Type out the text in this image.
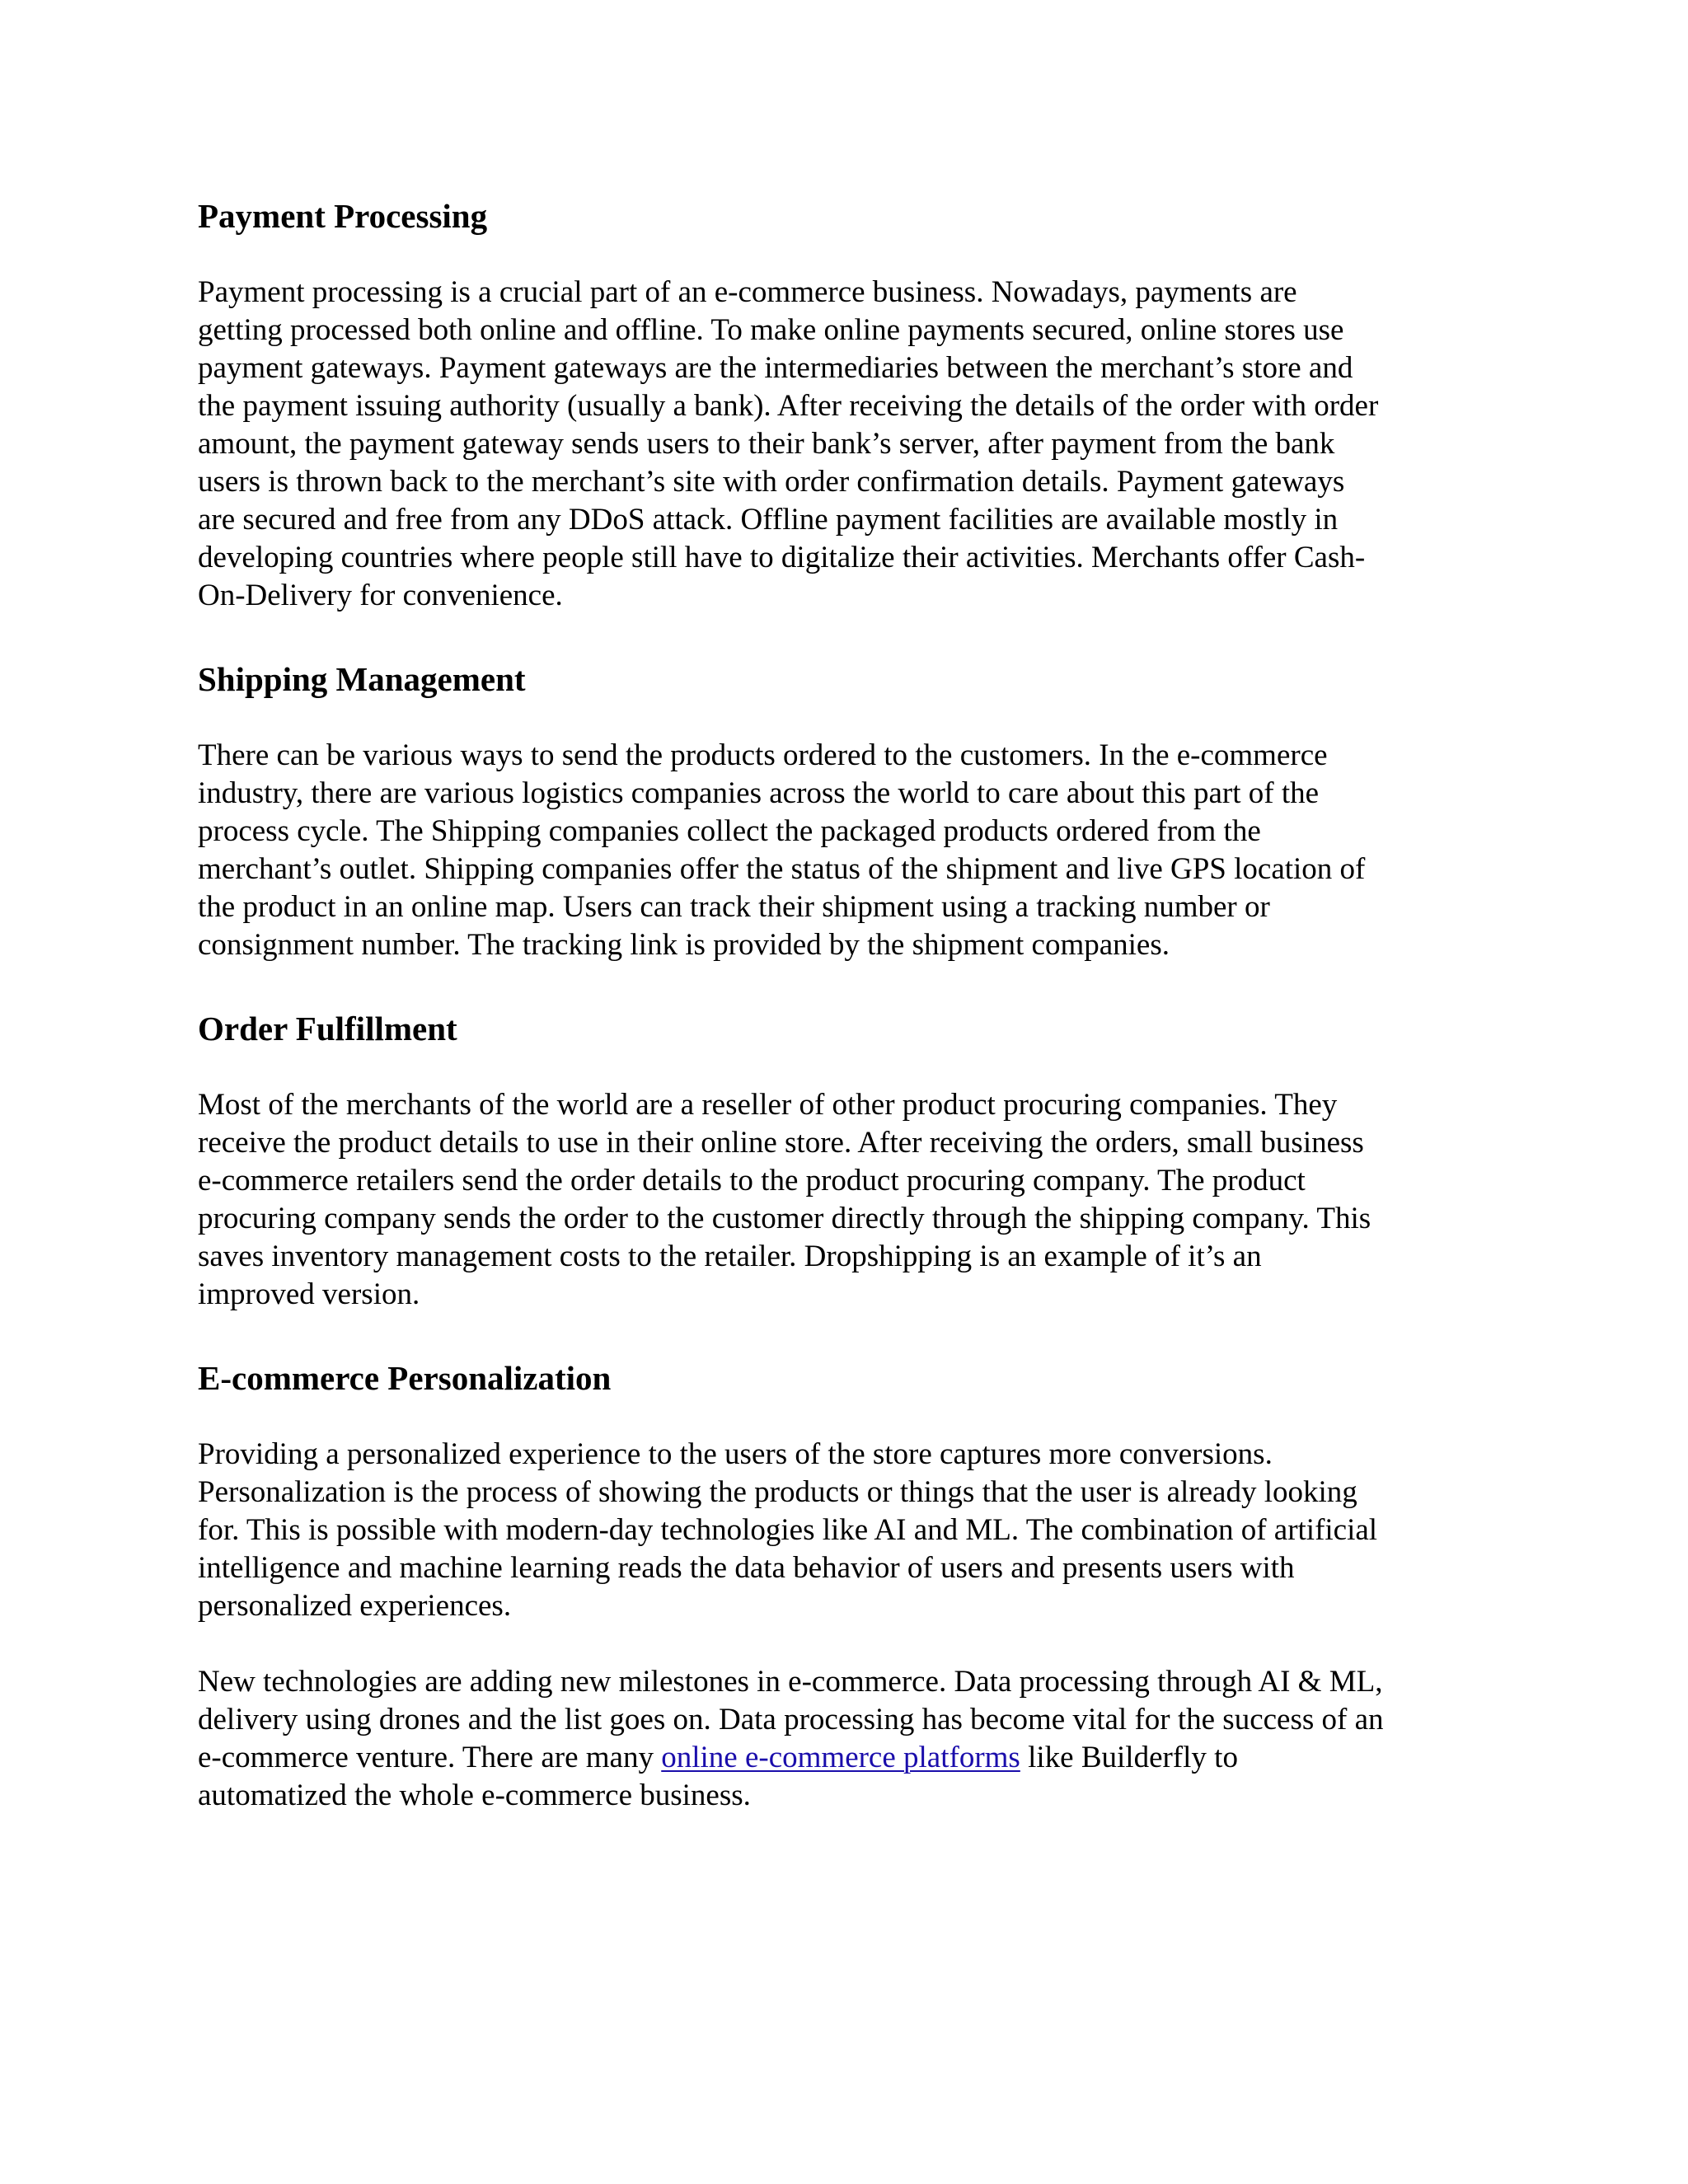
Payment Processing

Payment processing is a crucial part of an e-commerce business. Nowadays, payments are
getting processed both online and offline. To make online payments secured, online stores use
payment gateways. Payment gateways are the intermediaries between the merchant’s store and
the payment issuing authority (usually a bank). After receiving the details of the order with order
amount, the payment gateway sends users to their bank’s server, after payment from the bank
users is thrown back to the merchant’s site with order confirmation details. Payment gateways
are secured and free from any DDoS attack. Offline payment facilities are available mostly in
developing countries where people still have to digitalize their activities. Merchants offer Cash-
On-Delivery for convenience.

Shipping Management

There can be various ways to send the products ordered to the customers. In the e-commerce
industry, there are various logistics companies across the world to care about this part of the
process cycle. The Shipping companies collect the packaged products ordered from the
merchant’s outlet. Shipping companies offer the status of the shipment and live GPS location of
the product in an online map. Users can track their shipment using a tracking number or
consignment number. The tracking link is provided by the shipment companies.

Order Fulfillment

Most of the merchants of the world are a reseller of other product procuring companies. They
receive the product details to use in their online store. After receiving the orders, small business
e-commerce retailers send the order details to the product procuring company. The product
procuring company sends the order to the customer directly through the shipping company. This
saves inventory management costs to the retailer. Dropshipping is an example of it’s an
improved version.

E-commerce Personalization

Providing a personalized experience to the users of the store captures more conversions.
Personalization is the process of showing the products or things that the user is already looking
for. This is possible with modern-day technologies like AI and ML. The combination of artificial
intelligence and machine learning reads the data behavior of users and presents users with
personalized experiences.

New technologies are adding new milestones in e-commerce. Data processing through AI & ML,
delivery using drones and the list goes on. Data processing has become vital for the success of an
e-commerce venture. There are many online e-commerce platforms like Builderfly to
automatized the whole e-commerce business.
